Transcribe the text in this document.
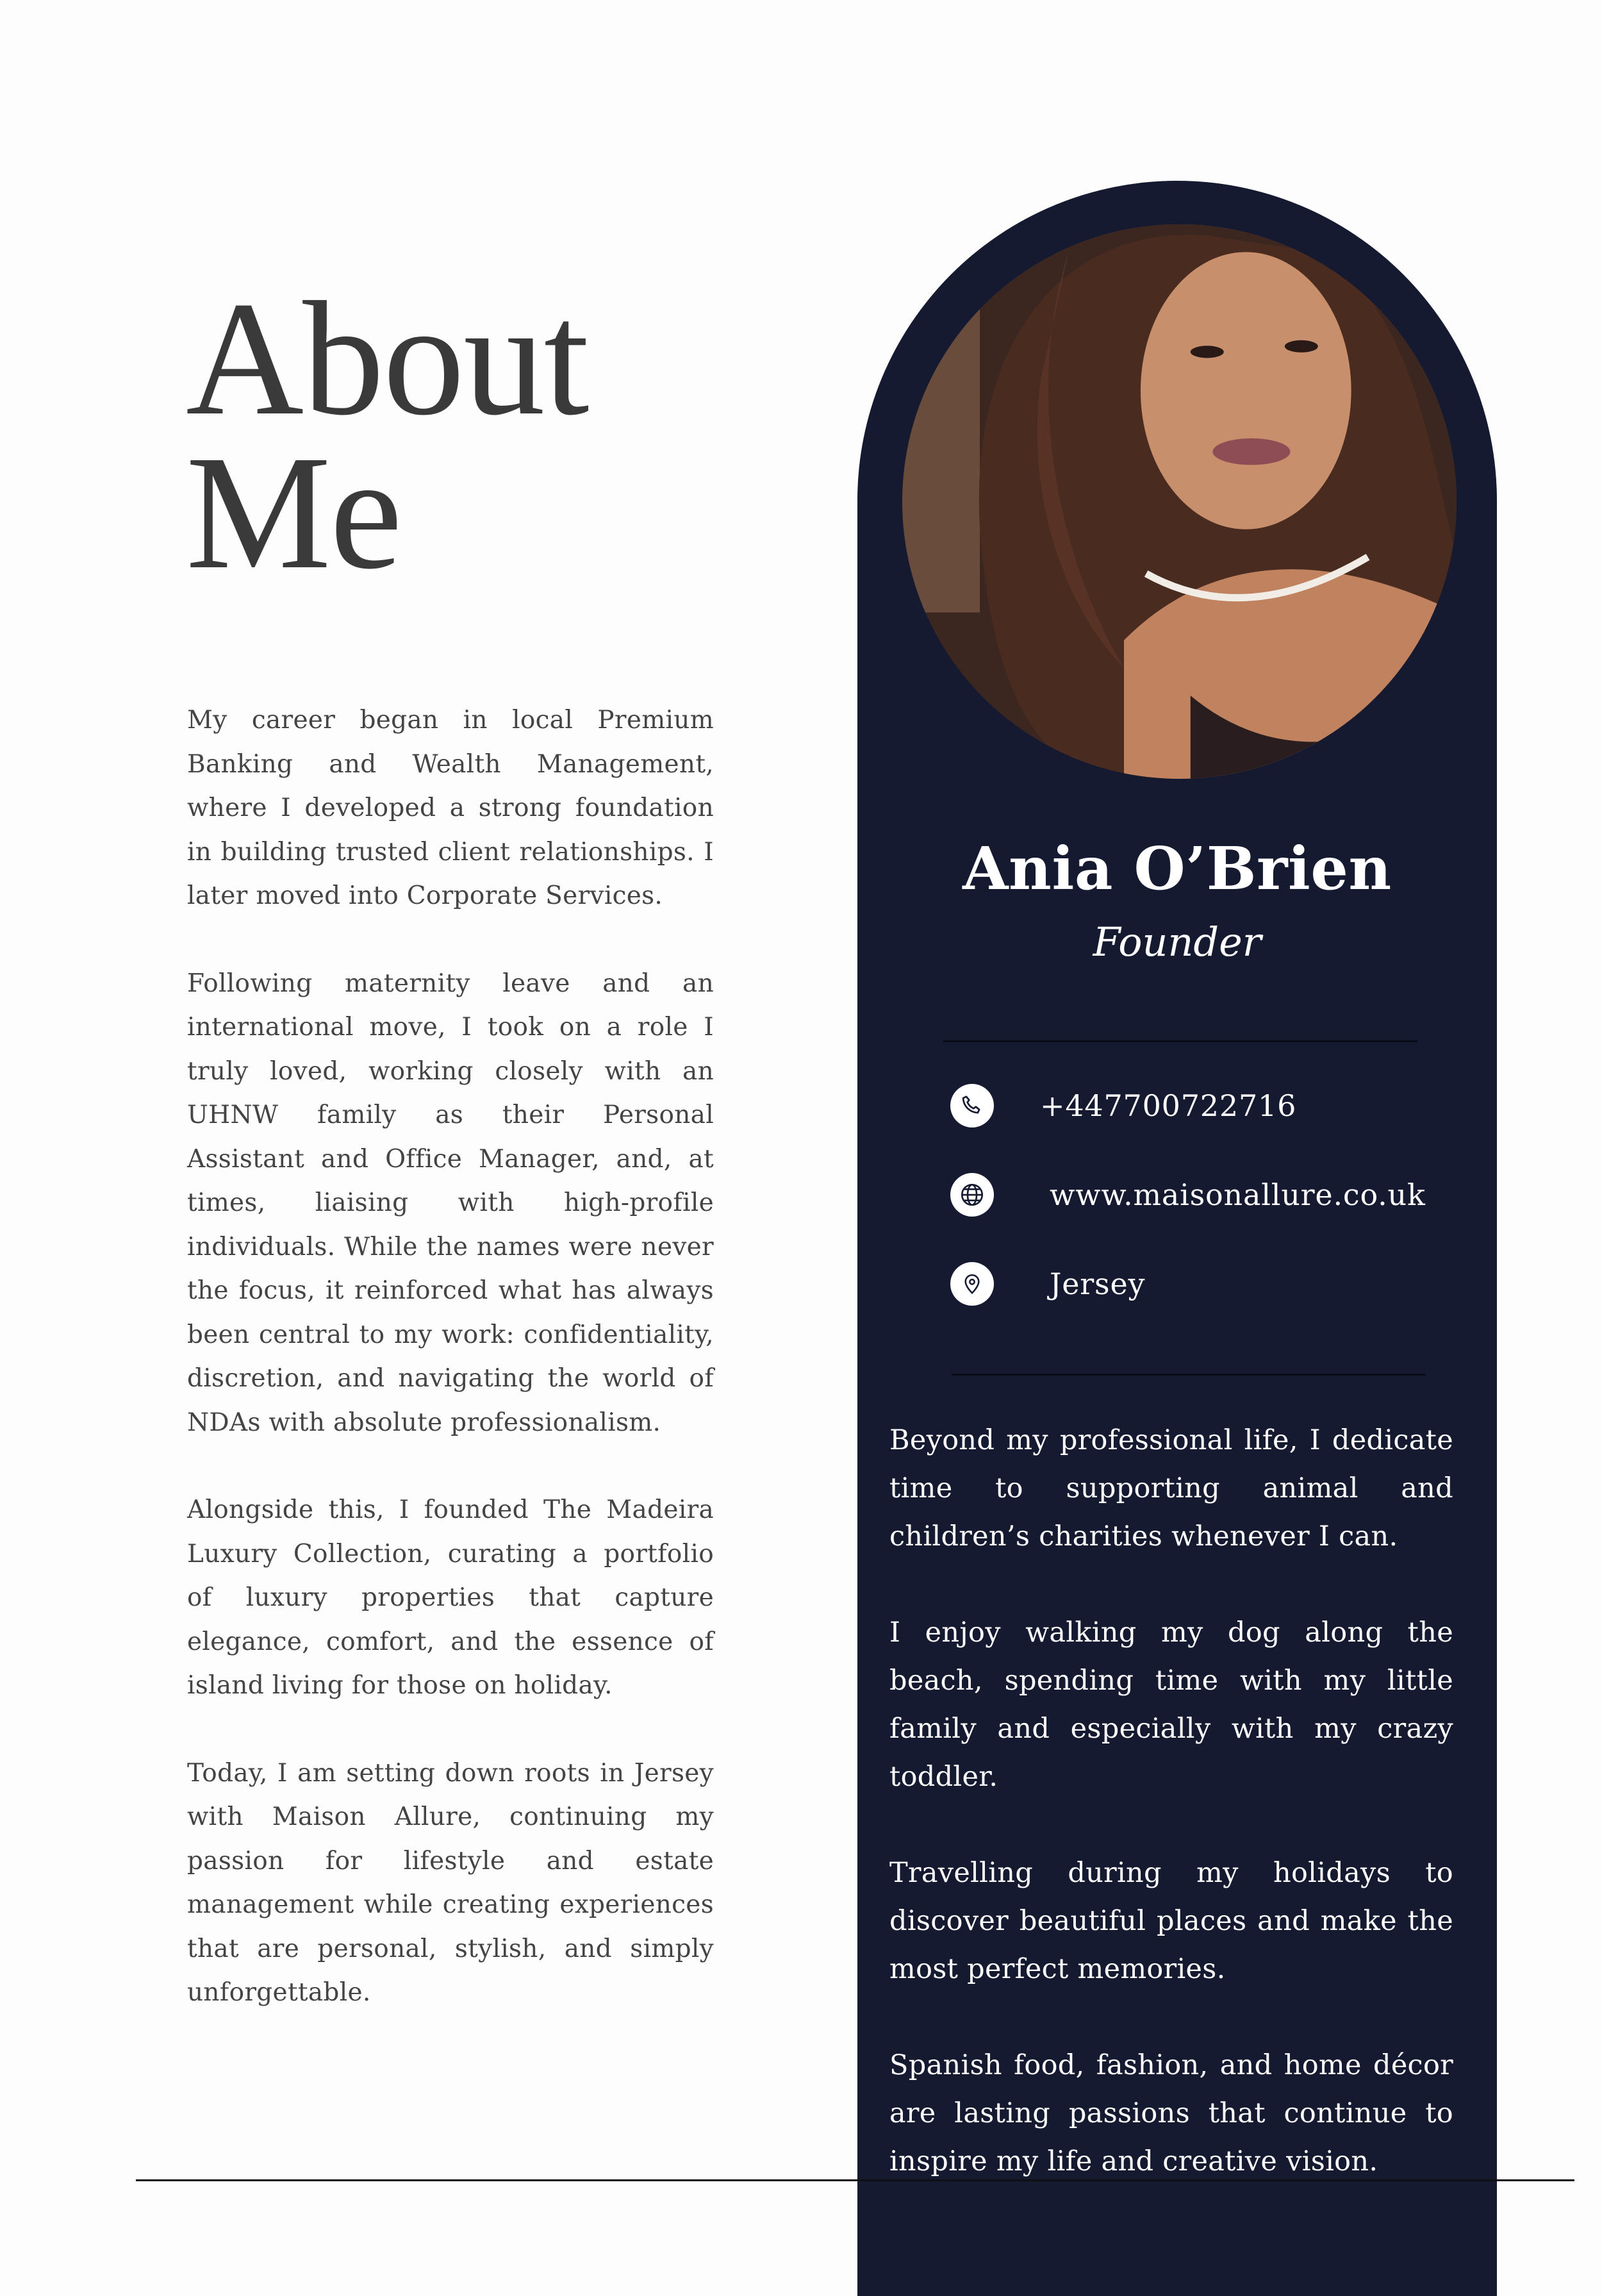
About
Me

My career began in local Premium Banking and Wealth Management, where I developed a strong foundation in building trusted client relationships. I later moved into Corporate Services.

Following maternity leave and an international move, I took on a role I truly loved, working closely with an UHNW family as their Personal Assistant and Office Manager, and, at times, liaising with high-profile individuals. While the names were never the focus, it reinforced what has always been central to my work: confidentiality, discretion, and navigating the world of NDAs with absolute professionalism.

Alongside this, I founded The Madeira Luxury Collection, curating a portfolio of luxury properties that capture elegance, comfort, and the essence of island living for those on holiday.

Today, I am setting down roots in Jersey with Maison Allure, continuing my passion for lifestyle and estate management while creating experiences that are personal, stylish, and simply unforgettable.

Ania O’Brien
Founder
+447700722716
www.maisonallure.co.uk
Jersey

Beyond my professional life, I dedicate time to supporting animal and children’s charities whenever I can.

I enjoy walking my dog along the beach, spending time with my little family and especially with my crazy toddler.

Travelling during my holidays to discover beautiful places and make the most perfect memories.

Spanish food, fashion, and home décor are lasting passions that continue to inspire my life and creative vision.
